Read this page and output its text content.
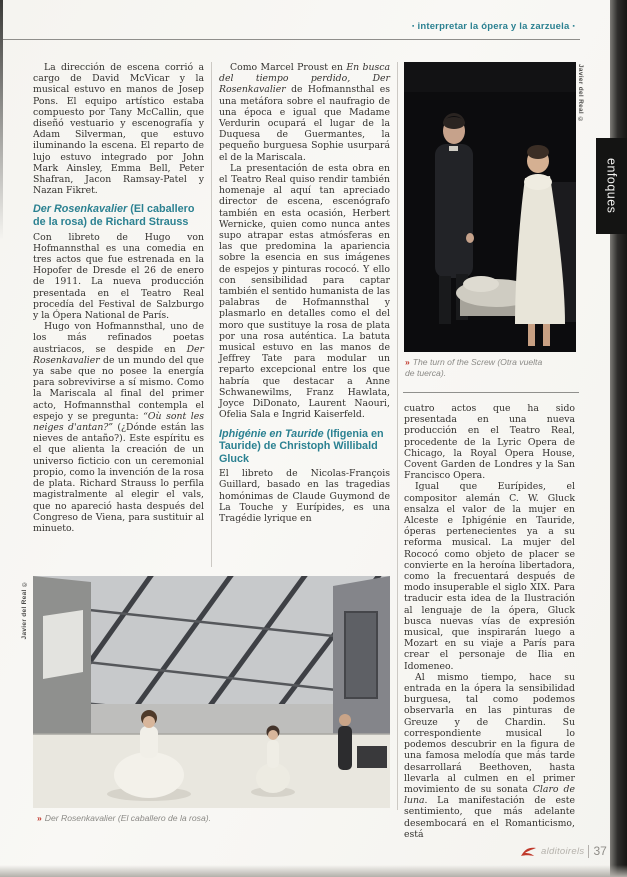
▪ interpretar la ópera y la zarzuela ▪

La dirección de escena corrió a cargo de David McVicar y la musical estuvo en manos de Josep Pons. El equipo artístico estaba compuesto por Tany McCallin, que diseñó vestuario y escenografía y Adam Silverman, que estuvo iluminando la escena. El reparto de lujo estuvo integrado por John Mark Ainsley, Emma Bell, Peter Shafran, Jacon Ramsay-Patel y Nazan Fikret.

Der Rosenkavalier (El caballero de la rosa) de Richard Strauss

Con libreto de Hugo von Hofmannsthal es una comedia en tres actos que fue estrenada en la Hopofer de Dresde el 26 de enero de 1911. La nueva producción presentada en el Teatro Real procedía del Festival de Salzburgo y la Ópera National de París.

Hugo von Hofmannsthal, uno de los más refinados poetas austriacos, se despide en Der Rosenkavalier de un mundo del que ya sabe que no posee la energía para sobrevivirse a sí mismo. Como la Mariscala al final del primer acto, Hofmannsthal contempla el espejo y se pregunta: “Où sont les neiges d'antan?” (¿Dónde están las nieves de antaño?). Este espíritu es el que alienta la creación de un universo ficticio con un ceremonial propio, como la invención de la rosa de plata. Richard Strauss lo perfila magistralmente al elegir el vals, que no apareció hasta después del Congreso de Viena, para sustituir al minueto.

Como Marcel Proust en En busca del tiempo perdido, Der Rosenkavalier de Hofmannsthal es una metáfora sobre el naufragio de una época e igual que Madame Verdurin ocupará el lugar de la Duquesa de Guermantes, la pequeño burguesa Sophie usurpará el de la Mariscala.

La presentación de esta obra en el Teatro Real quiso rendir también homenaje al aquí tan apreciado director de escena, escenógrafo también en esta ocasión, Herbert Wernicke, quien como nunca antes supo atrapar estas atmósferas en las que predomina la apariencia sobre la esencia en sus imágenes de espejos y pinturas rococó. Y ello con sensibilidad para captar también el sentido humanista de las palabras de Hofmannsthal y plasmarlo en detalles como el del moro que sustituye la rosa de plata por una rosa auténtica. La batuta musical estuvo en las manos de Jeffrey Tate para modular un reparto excepcional entre los que habría que destacar a Anne Schwanewilms, Franz Hawlata, Joyce DiDonato, Laurent Naouri, Ofelia Sala e Ingrid Kaiserfeld.

Iphigénie en Tauride (Ifigenia en Tauride) de Christoph Willibald Gluck

El libreto de Nicolas-François Guillard, basado en las tragedias homónimas de Claude Guymond de La Touche y Eurípides, es una Tragédie lyrique en

cuatro actos que ha sido presentada en una nueva producción en el Teatro Real, procedente de la Lyric Opera de Chicago, la Royal Opera House, Covent Garden de Londres y la San Francisco Opera.

Igual que Eurípides, el compositor alemán C. W. Gluck ensalza el valor de la mujer en Alceste e Iphigénie en Tauride, óperas pertenecientes ya a su reforma musical. La mujer del Rococó como objeto de placer se convierte en la heroína libertadora, como la frecuentará después de modo insuperable el siglo XIX. Para traducir esta idea de la Ilustración al lenguaje de la ópera, Gluck busca nuevas vías de expresión musical, que inspirarán luego a Mozart en su viaje a París para crear el personaje de Ilia en Idomeneo.

Al mismo tiempo, hace su entrada en la ópera la sensibilidad burguesa, tal como podemos observarla en las pinturas de Greuze y de Chardin. Su correspondiente musical lo podemos descubrir en la figura de una famosa melodía que más tarde desarrollará Beethoven, hasta llevarla al culmen en el primer movimiento de su sonata Claro de luna. La manifestación de este sentimiento, que más adelante desembocará en el Romanticismo, está

Javier del Real ©
» The turn of the Screw (Otra vuelta de tuerca).
Javier del Real ©
» Der Rosenkavalier (El caballero de la rosa).
enfoques
alditoirels 37
